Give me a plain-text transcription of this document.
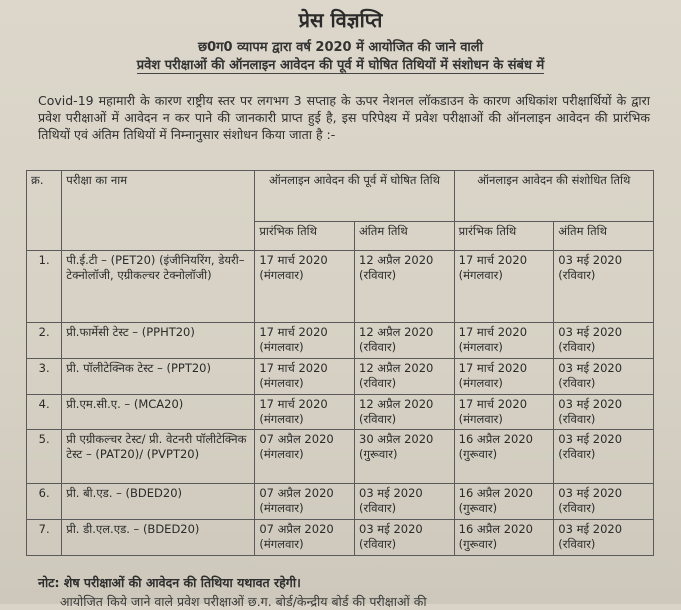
प्रेस विज्ञप्ति
छ0ग0 व्यापम द्वारा वर्ष 2020 में आयोजित की जाने वाली
प्रवेश परीक्षाओं की ऑनलाइन आवेदन की पूर्व में घोषित तिथियों में संशोधन के संबंध में
Covid-19 महामारी के कारण राष्ट्रीय स्तर पर लगभग 3 सप्ताह के ऊपर नेशनल लॉकडाउन के कारण अधिकांश परीक्षार्थियों के द्वारा प्रवेश परीक्षाओं में आवेदन न कर पाने की जानकारी प्राप्त हुई है, इस परिपेक्ष्य में प्रवेश परीक्षाओं की ऑनलाइन आवेदन की प्रारंभिक तिथियों एवं अंतिम तिथियों में निम्नानुसार संशोधन किया जाता है :-
क्र.	परीक्षा का नाम	ऑनलाइन आवेदन की पूर्व में घोषित तिथि		ऑनलाइन आवेदन की संशोधित तिथि	
		प्रारंभिक तिथि	अंतिम तिथि	प्रारंभिक तिथि	अंतिम तिथि
1.	पी.ई.टी – (PET20) (इंजीनियरिंग, डेयरी–टेक्नोलॉजी, एग्रीकल्चर टेक्नोलॉजी)	17 मार्च 2020 (मंगलवार)	12 अप्रैल 2020 (रविवार)	17 मार्च 2020 (मंगलवार)	03 मई 2020 (रविवार)
2.	प्री.फार्मेसी टेस्ट – (PPHT20)	17 मार्च 2020 (मंगलवार)	12 अप्रैल 2020 (रविवार)	17 मार्च 2020 (मंगलवार)	03 मई 2020 (रविवार)
3.	प्री. पॉलीटेक्निक टेस्ट – (PPT20)	17 मार्च 2020 (मंगलवार)	12 अप्रैल 2020 (रविवार)	17 मार्च 2020 (मंगलवार)	03 मई 2020 (रविवार)
4.	प्री.एम.सी.ए. – (MCA20)	17 मार्च 2020 (मंगलवार)	12 अप्रैल 2020 (रविवार)	17 मार्च 2020 (मंगलवार)	03 मई 2020 (रविवार)
5.	प्री एग्रीकल्चर टेस्ट/ प्री. वेटनरी पॉलीटेक्निक टेस्ट – (PAT20)/ (PVPT20)	07 अप्रैल 2020 (मंगलवार)	30 अप्रैल 2020 (गुरूवार)	16 अप्रैल 2020 (गुरूवार)	03 मई 2020 (रविवार)
6.	प्री. बी.एड. – (BDED20)	07 अप्रैल 2020 (मंगलवार)	03 मई 2020 (रविवार)	16 अप्रैल 2020 (गुरूवार)	03 मई 2020 (रविवार)
7.	प्री. डी.एल.एड. – (BDED20)	07 अप्रैल 2020 (मंगलवार)	03 मई 2020 (रविवार)	16 अप्रैल 2020 (गुरूवार)	03 मई 2020 (रविवार)
नोट: शेष परीक्षाओं की आवेदन की तिथिया यथावत रहेगी।
आयोजित किये जाने वाले प्रवेश परीक्षाओं छ.ग. बोर्ड/केन्द्रीय बोर्ड की परीक्षाओं की
